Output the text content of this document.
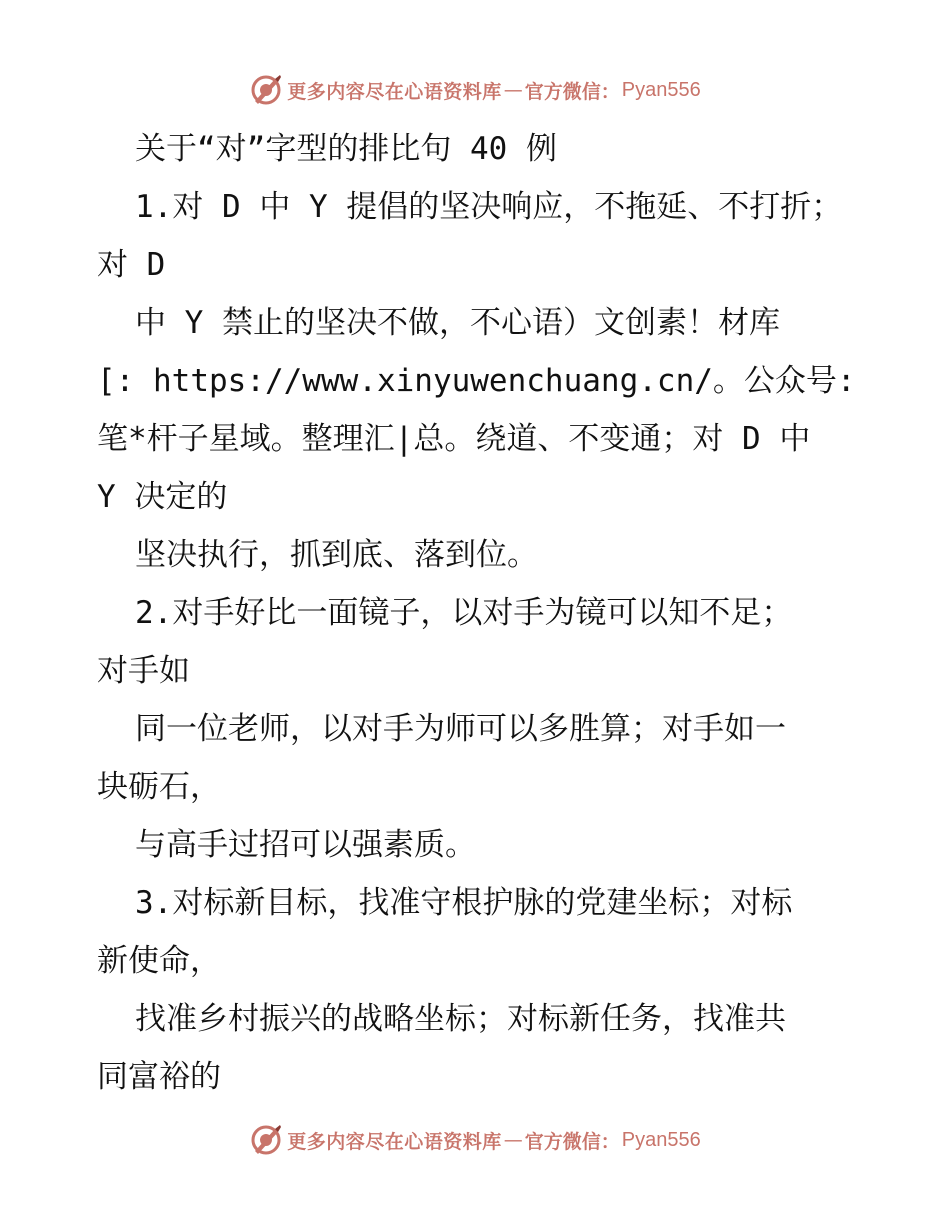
更多内容尽在心语资料库 — 官方微信： Pyan556
关于“对”字型的排比句 40 例
1.对 D 中 Y 提倡的坚决响应，不拖延、不打折；
对 D
中 Y 禁止的坚决不做，不心语）文创素！材库
[: https://www.xinyuwenchuang.cn/。公众号:
笔*杆子星域。整理汇|总。绕道、不变通；对 D 中
Y 决定的
坚决执行，抓到底、落到位。
2.对手好比一面镜子，以对手为镜可以知不足；
对手如
同一位老师，以对手为师可以多胜算；对手如一
块砺石，
与高手过招可以强素质。
3.对标新目标，找准守根护脉的党建坐标；对标
新使命，
找准乡村振兴的战略坐标；对标新任务，找准共
同富裕的
更多内容尽在心语资料库 — 官方微信： Pyan556
